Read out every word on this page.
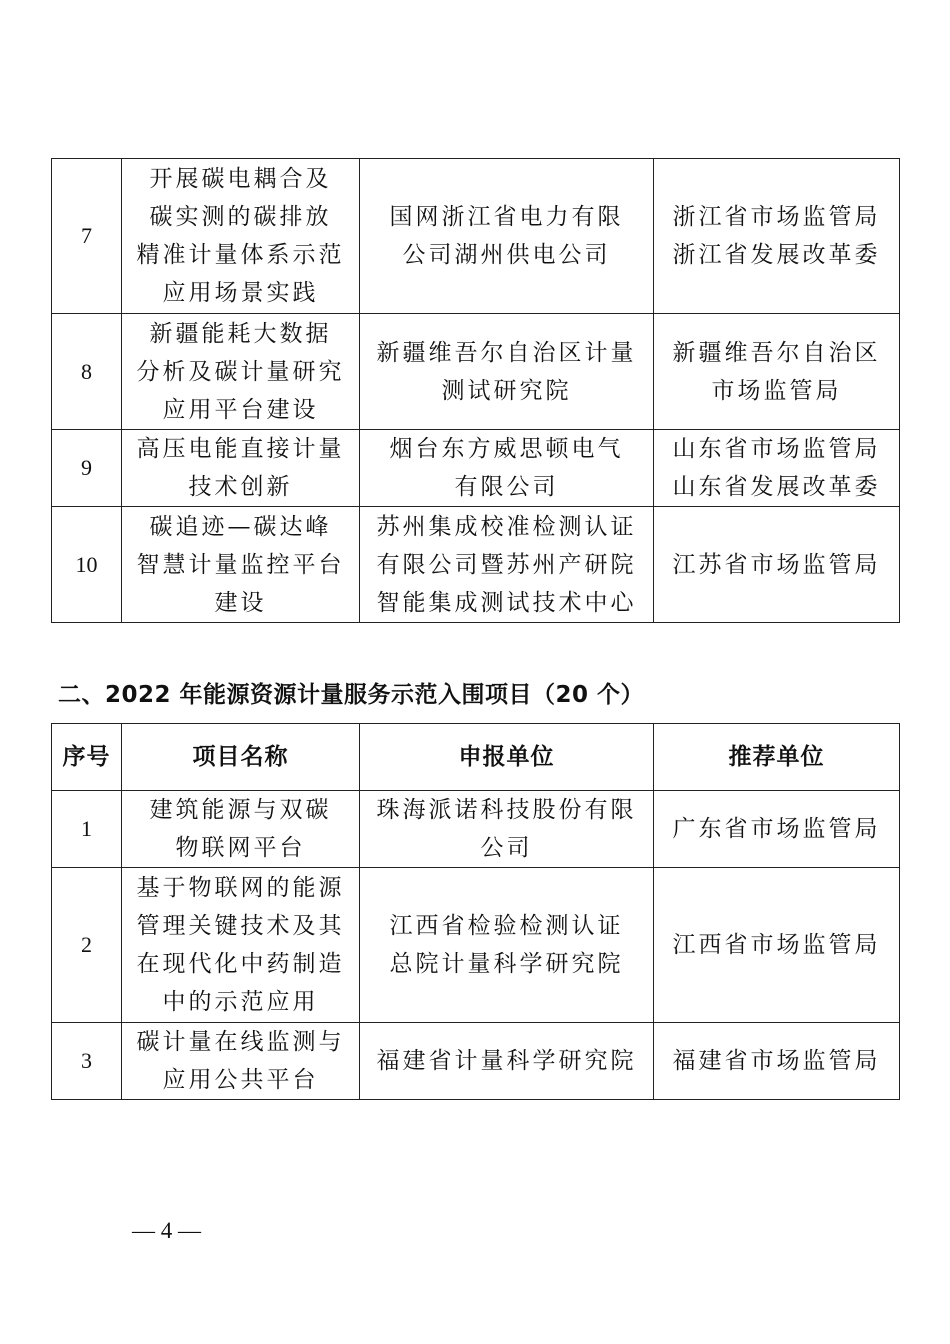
7	开展碳电耦合及
碳实测的碳排放
精准计量体系示范
应用场景实践	国网浙江省电力有限
公司湖州供电公司	浙江省市场监管局
浙江省发展改革委

8	新疆能耗大数据
分析及碳计量研究
应用平台建设	新疆维吾尔自治区计量
测试研究院	新疆维吾尔自治区
市场监管局

9	高压电能直接计量
技术创新	烟台东方威思顿电气
有限公司	山东省市场监管局
山东省发展改革委

10	碳追迹—碳达峰
智慧计量监控平台
建设	苏州集成校准检测认证
有限公司暨苏州产研院
智能集成测试技术中心	江苏省市场监管局
二、2022 年能源资源计量服务示范入围项目（20 个）
序号	项目名称	申报单位	推荐单位
1	建筑能源与双碳
物联网平台	珠海派诺科技股份有限
公司	广东省市场监管局

2	基于物联网的能源
管理关键技术及其
在现代化中药制造
中的示范应用	江西省检验检测认证
总院计量科学研究院	江西省市场监管局

3	碳计量在线监测与
应用公共平台	福建省计量科学研究院	福建省市场监管局
— 4 —
